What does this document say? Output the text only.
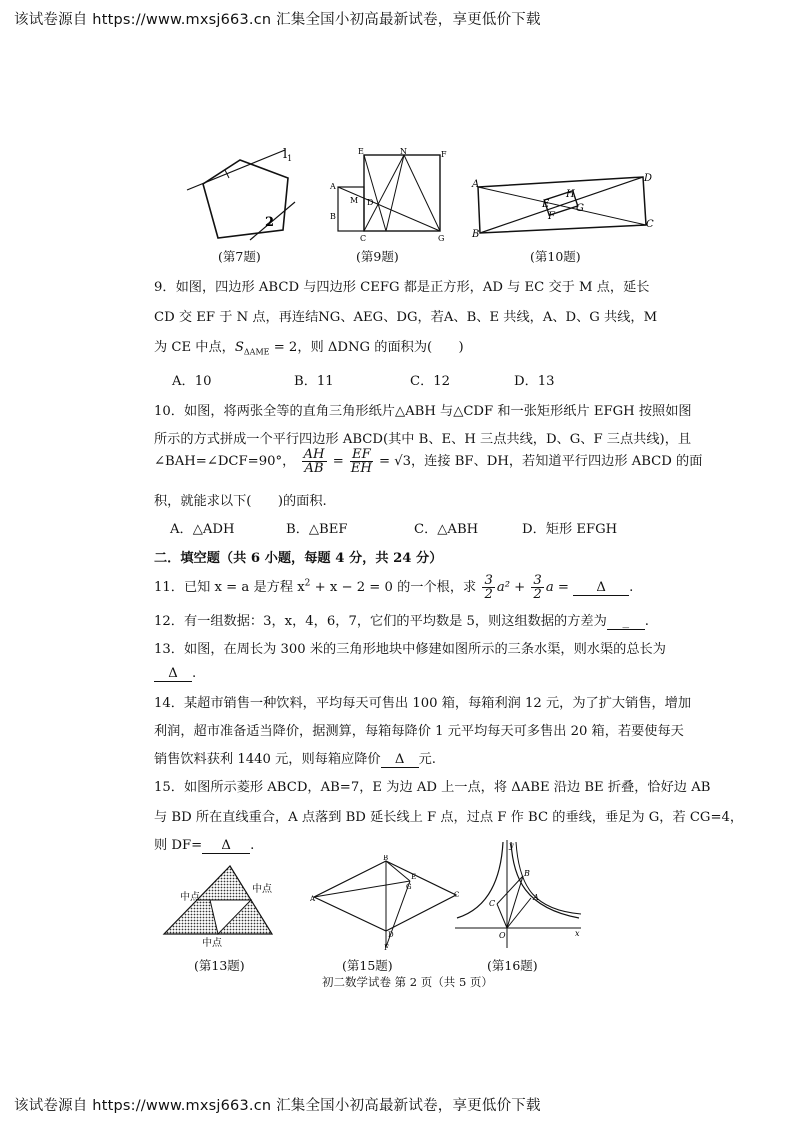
该试卷源自 https://www.mxsj663.cn 汇集全国小初高最新试卷，享更低价下载
$l_1$
2
(第7题)
E	N	F
A
M D
B
C	G
(第9题)
A
D
B
C
E
H
F
G
(第10题)
9．如图，四边形 ABCD 与四边形 CEFG 都是正方形，AD 与 EC 交于 M 点，延长
CD 交 EF 于 N 点，再连结NG、AEG、DG，若A、B、E 共线，A、D、G 共线，M
为 CE 中点，$S_{\Delta AME} = 2$，则 ΔDNG 的面积为(　　)
A．10	B．11	C．12	D．13
10．如图，将两张全等的直角三角形纸片△ABH 与△CDF 和一张矩形纸片 EFGH 按照如图
所示的方式拼成一个平行四边形 ABCD(其中 B、E、H 三点共线，D、G、F 三点共线)，且
∠BAH=∠DCF=90°， $\frac{AH}{AB} = \frac{EF}{EH} = √3$，连接 BF、DH，若知道平行四边形 ABCD 的面
积，就能求以下(　　)的面积.
A．△ADH	B．△BEF	C．△ABH	D．矩形 EFGH
二．填空题（共 6 小题，每题 4 分，共 24 分）
11．已知 x = a 是方程 $x^2 + x - 2 = 0$ 的一个根，求 $\frac{3}{2} a^2 + \frac{3}{2}$ a = Δ .
12．有一组数据：3，x，4，6，7，它们的平均数是 5，则这组数据的方差为 _ .
13．如图，在周长为 300 米的三角形地块中修建如图所示的三条水渠，则水渠的总长为
Δ .
14．某超市销售一种饮料，平均每天可售出 100 箱，每箱利润 12 元，为了扩大销售，增加
利润，超市准备适当降价，据测算，每箱每降价 1 元平均每天可多售出 20 箱，若要使每天
销售饮料获利 1440 元，则每箱应降价 Δ 元.
15．如图所示菱形 ABCD，AB=7，E 为边 AD 上一点，将 ΔABE 沿边 BE 折叠，恰好边 AB
与 BD 所在直线重合，A 点落到 BD 延长线上 F 点，过点 F 作 BC 的垂线，垂足为 G，若 CG=4，
则 DF= Δ .
中点
中点
中点
(第13题)
A
B
C
D
E
F
G
(第15题)
y
x
O
B
C
A
(第16题)
初二数学试卷 第 2 页（共 5 页）
该试卷源自 https://www.mxsj663.cn 汇集全国小初高最新试卷，享更低价下载
